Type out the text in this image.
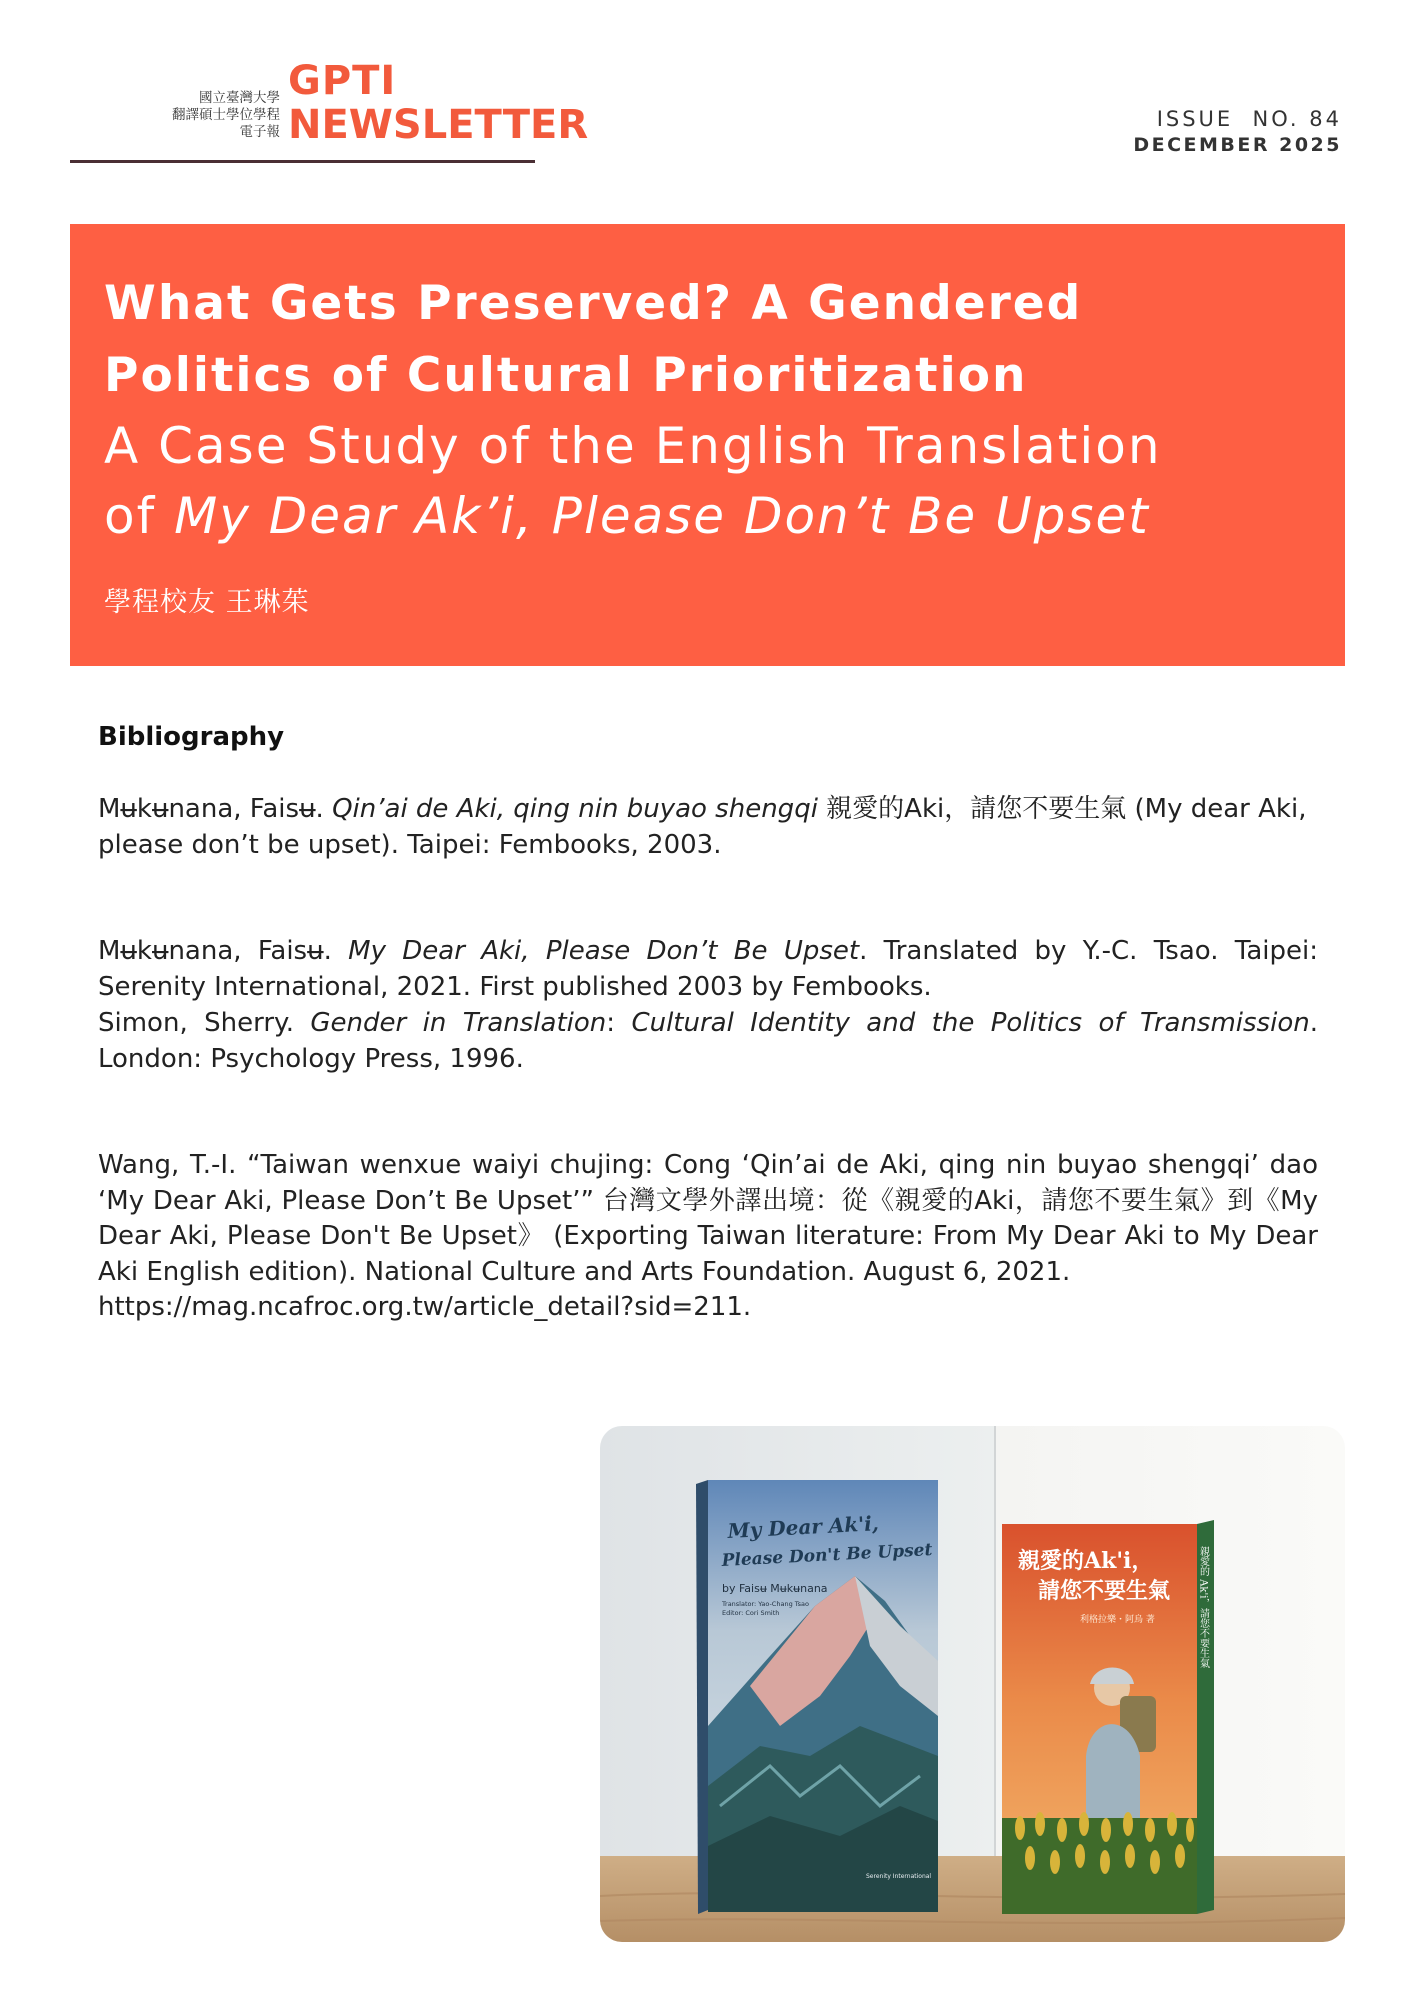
國立臺灣大學
翻譯碩士學位學程
電子報
GPTI
NEWSLETTER	ISSUE  NO. 84
DECEMBER 2025
What Gets Preserved? A Gendered
Politics of Cultural Prioritization
A Case Study of the English Translation
of My Dear Ak’i, Please Don’t Be Upset
學程校友 王琳茱
Bibliography
Mʉkʉnana, Faisʉ. Qin’ai de Aki, qing nin buyao shengqi 親愛的Aki，請您不要生氣 (My dear Aki, please don’t be upset). Taipei: Fembooks, 2003.
Mʉkʉnana, Faisʉ. My Dear Aki, Please Don’t Be Upset. Translated by Y.-C. Tsao. Taipei: Serenity International, 2021. First published 2003 by Fembooks.
Simon, Sherry. Gender in Translation: Cultural Identity and the Politics of Transmission. London: Psychology Press, 1996.
Wang, T.-I. “Taiwan wenxue waiyi chujing: Cong ‘Qin’ai de Aki, qing nin buyao shengqi’ dao ‘My Dear Aki, Please Don’t Be Upset’” 台灣文學外譯出境：從《親愛的Aki，請您不要生氣》到《My Dear Aki, Please Don't Be Upset》 (Exporting Taiwan literature: From My Dear Aki to My Dear Aki English edition). National Culture and Arts Foundation. August 6, 2021.
https://mag.ncafroc.org.tw/article_detail?sid=211.
My Dear Ak'i,
Please Don't Be Upset
by Faisʉ Mʉkʉnana
Translator: Yao-Chang Tsao
Editor: Cori Smith
Serenity International
親愛的Ak'i，
請您不要生氣
利格拉樂・阿烏 著	親愛的 Ak'i，請您不要生氣
